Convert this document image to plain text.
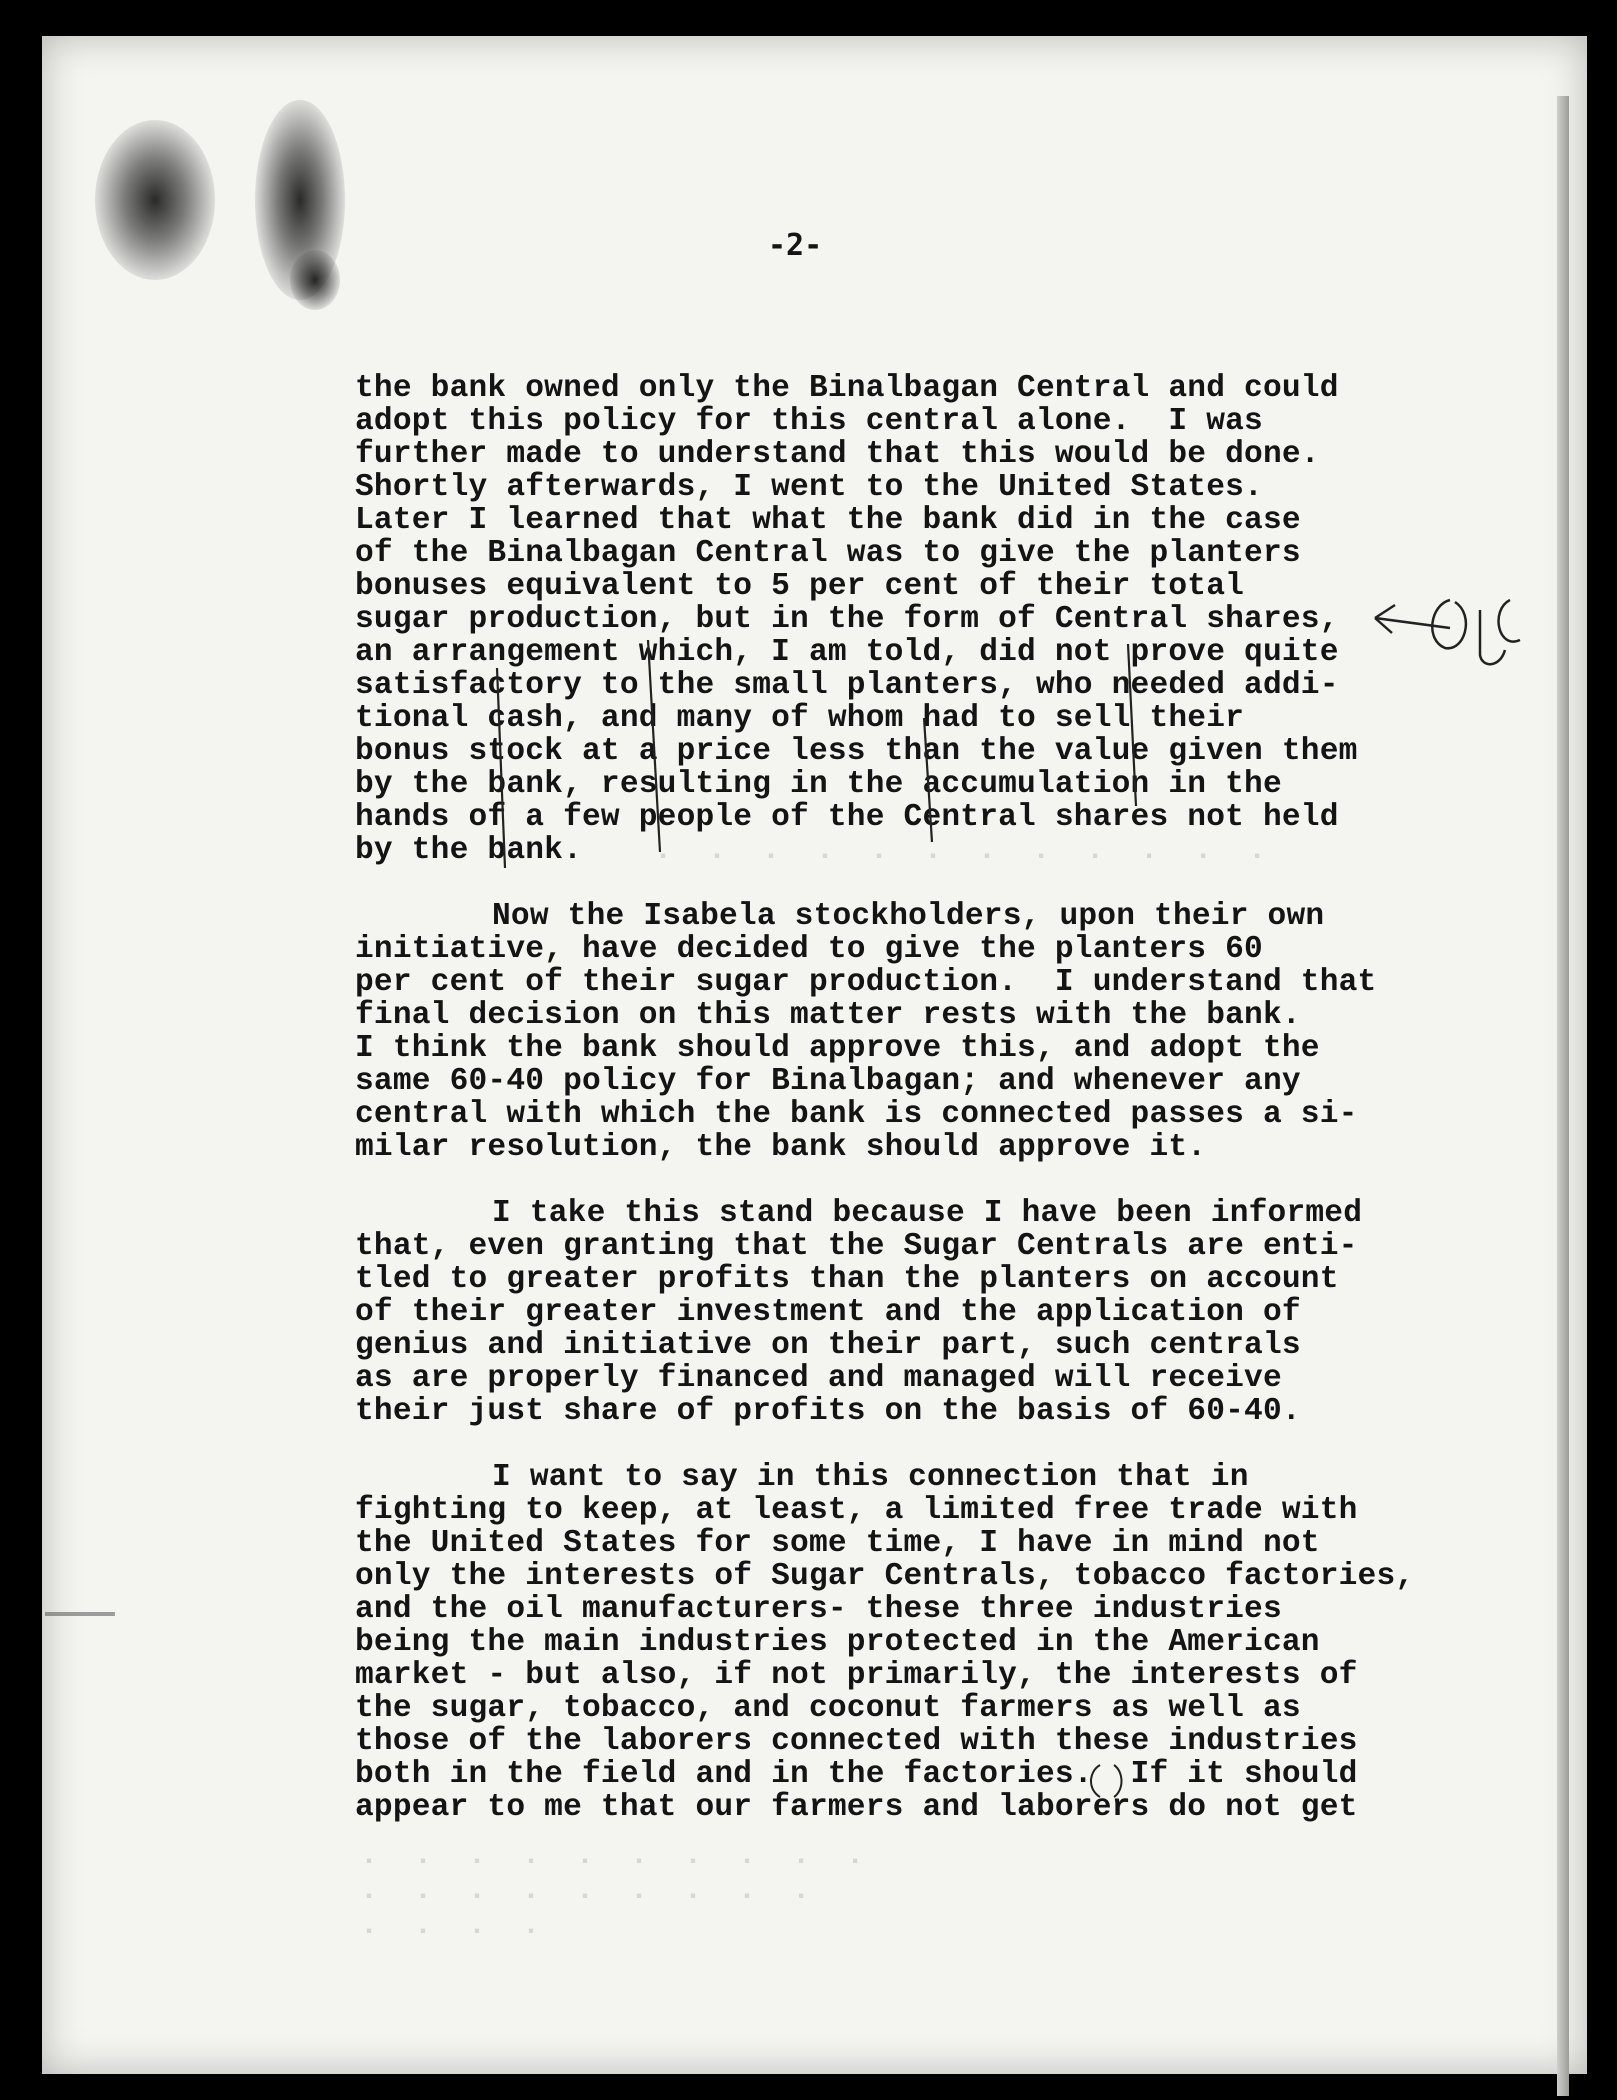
·  ·  ·  ·  ·  ·  ·  ·  ·  ·  ·  ·
·  ·  ·  ·  ·  ·  ·  ·  ·  ·
·  ·  ·  ·  ·  ·  ·  ·  ·
·  ·  ·  ·
-2-
the bank owned only the Binalbagan Central and could
adopt this policy for this central alone.  I was
further made to understand that this would be done.
Shortly afterwards, I went to the United States.
Later I learned that what the bank did in the case
of the Binalbagan Central was to give the planters
bonuses equivalent to 5 per cent of their total
sugar production, but in the form of Central shares,
an arrangement which, I am told, did not prove quite
satisfactory to the small planters, who needed addi-
tional cash, and many of whom had to sell their
bonus stock at a price less than the value given them
by the bank, resulting in the accumulation in the
hands of a few people of the Central shares not held
by the bank.
Now the Isabela stockholders, upon their own
initiative, have decided to give the planters 60
per cent of their sugar production.  I understand that
final decision on this matter rests with the bank.
I think the bank should approve this, and adopt the
same 60-40 policy for Binalbagan; and whenever any
central with which the bank is connected passes a si-
milar resolution, the bank should approve it.
I take this stand because I have been informed
that, even granting that the Sugar Centrals are enti-
tled to greater profits than the planters on account
of their greater investment and the application of
genius and initiative on their part, such centrals
as are properly financed and managed will receive
their just share of profits on the basis of 60-40.
I want to say in this connection that in
fighting to keep, at least, a limited free trade with
the United States for some time, I have in mind not
only the interests of Sugar Centrals, tobacco factories,
and the oil manufacturers- these three industries
being the main industries protected in the American
market - but also, if not primarily, the interests of
the sugar, tobacco, and coconut farmers as well as
those of the laborers connected with these industries
both in the field and in the factories.  If it should
appear to me that our farmers and laborers do not get
